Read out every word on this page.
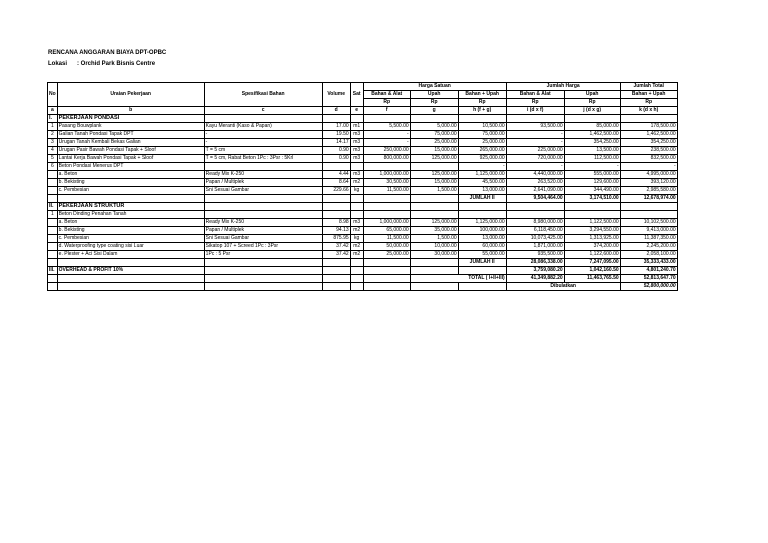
RENCANA ANGGARAN BIAYA DPT-OPBC
Lokasi : Orchid Park Bisnis Centre
No	Uraian Pekerjaan	Spesifikasi Bahan	Volume	Sat	Harga Satuan			Jumlah Harga		Jumlah Total
					Bahan & Alat	Upah	Bahan + Upah	Bahan & Alat	Upah	Bahan + Upah
					Rp	Rp	Rp	Rp	Rp	Rp
a	b	c	d	e	f	g	h (f + g)	i (d x f)	j (d x g)	k (d x h)
I.	PEKERJAAN PONDASI									
1	Pasang Bouwplank	Kayu Meranti (Kaso & Papan)	17.00	m1	5,500.00	5,000.00	10,500.00	93,500.00	85,000.00	178,500.00
2	Galian Tanah Pondasi Tapak DPT	-	19.50	m3	-	75,000.00	75,000.00	-	1,462,500.00	1,462,500.00
3	Urugan Tanah Kembali Bekas Galian	-	14.17	m3	-	25,000.00	25,000.00	-	354,250.00	354,250.00
4	Urugan Pasir Bawah Pondasi Tapak + Sloof	T = 5 cm	0.90	m3	250,000.00	15,000.00	265,000.00	225,000.00	13,500.00	238,500.00
5	Lantai Kerja Bawah Pondasi Tapak + Sloof	T = 5 cm, Rabat Beton 1Pc : 3Psr : 5Krl	0.90	m3	800,000.00	125,000.00	925,000.00	720,000.00	112,500.00	832,500.00
6	Beton Pondasi Menerus DPT						-	-	-	-
	a. Beton	Ready Mix K-250	4.44	m3	1,000,000.00	125,000.00	1,125,000.00	4,440,000.00	555,000.00	4,995,000.00
	b. Bekisting	Papan / Multiplek	8.64	m2	30,500.00	15,000.00	45,500.00	263,520.00	129,600.00	393,120.00
	c. Pembesian	Sni Sesuai Gambar	229.66	kg	11,500.00	1,500.00	13,000.00	2,641,090.00	344,490.00	2,985,580.00
							JUMLAH II	9,504,464.00	3,174,510.00	12,678,974.00
II.	PEKERJAAN STRUKTUR									
1	Beton Dinding Penahan Tanah									
	a. Beton	Ready Mix K-250	8.98	m3	1,000,000.00	125,000.00	1,125,000.00	8,980,000.00	1,122,500.00	10,102,500.00
	b. Bekisting	Papan / Multiplek	94.13	m2	65,000.00	35,000.00	100,000.00	6,118,450.00	3,294,550.00	9,413,000.00
	c. Pembesian	Sni Sesuai Gambar	875.95	kg	11,500.00	1,500.00	13,000.00	10,073,425.00	1,313,925.00	11,387,350.00
	d. Waterproofing type coating sisi Luar	Sikatop 107 + Screed 1Pc : 3Psr	37.42	m2	50,000.00	10,000.00	60,000.00	1,871,000.00	374,200.00	2,245,200.00
	e. Plester + Aci Sisi Dalam	1Pc : 5 Psr	37.42	m2	25,000.00	30,000.00	55,000.00	935,500.00	1,122,600.00	2,058,100.00
							JUMLAH II	28,086,338.00	7,247,095.00	35,333,433.00
III.	OVERHEAD & PROFIT 10%							3,759,080.20	1,042,160.50	4,801,240.70
						TOTAL ( I+II+III)		41,349,882.20	11,463,765.50	52,813,647.70
								Dibulatkan		52,800,000.00
